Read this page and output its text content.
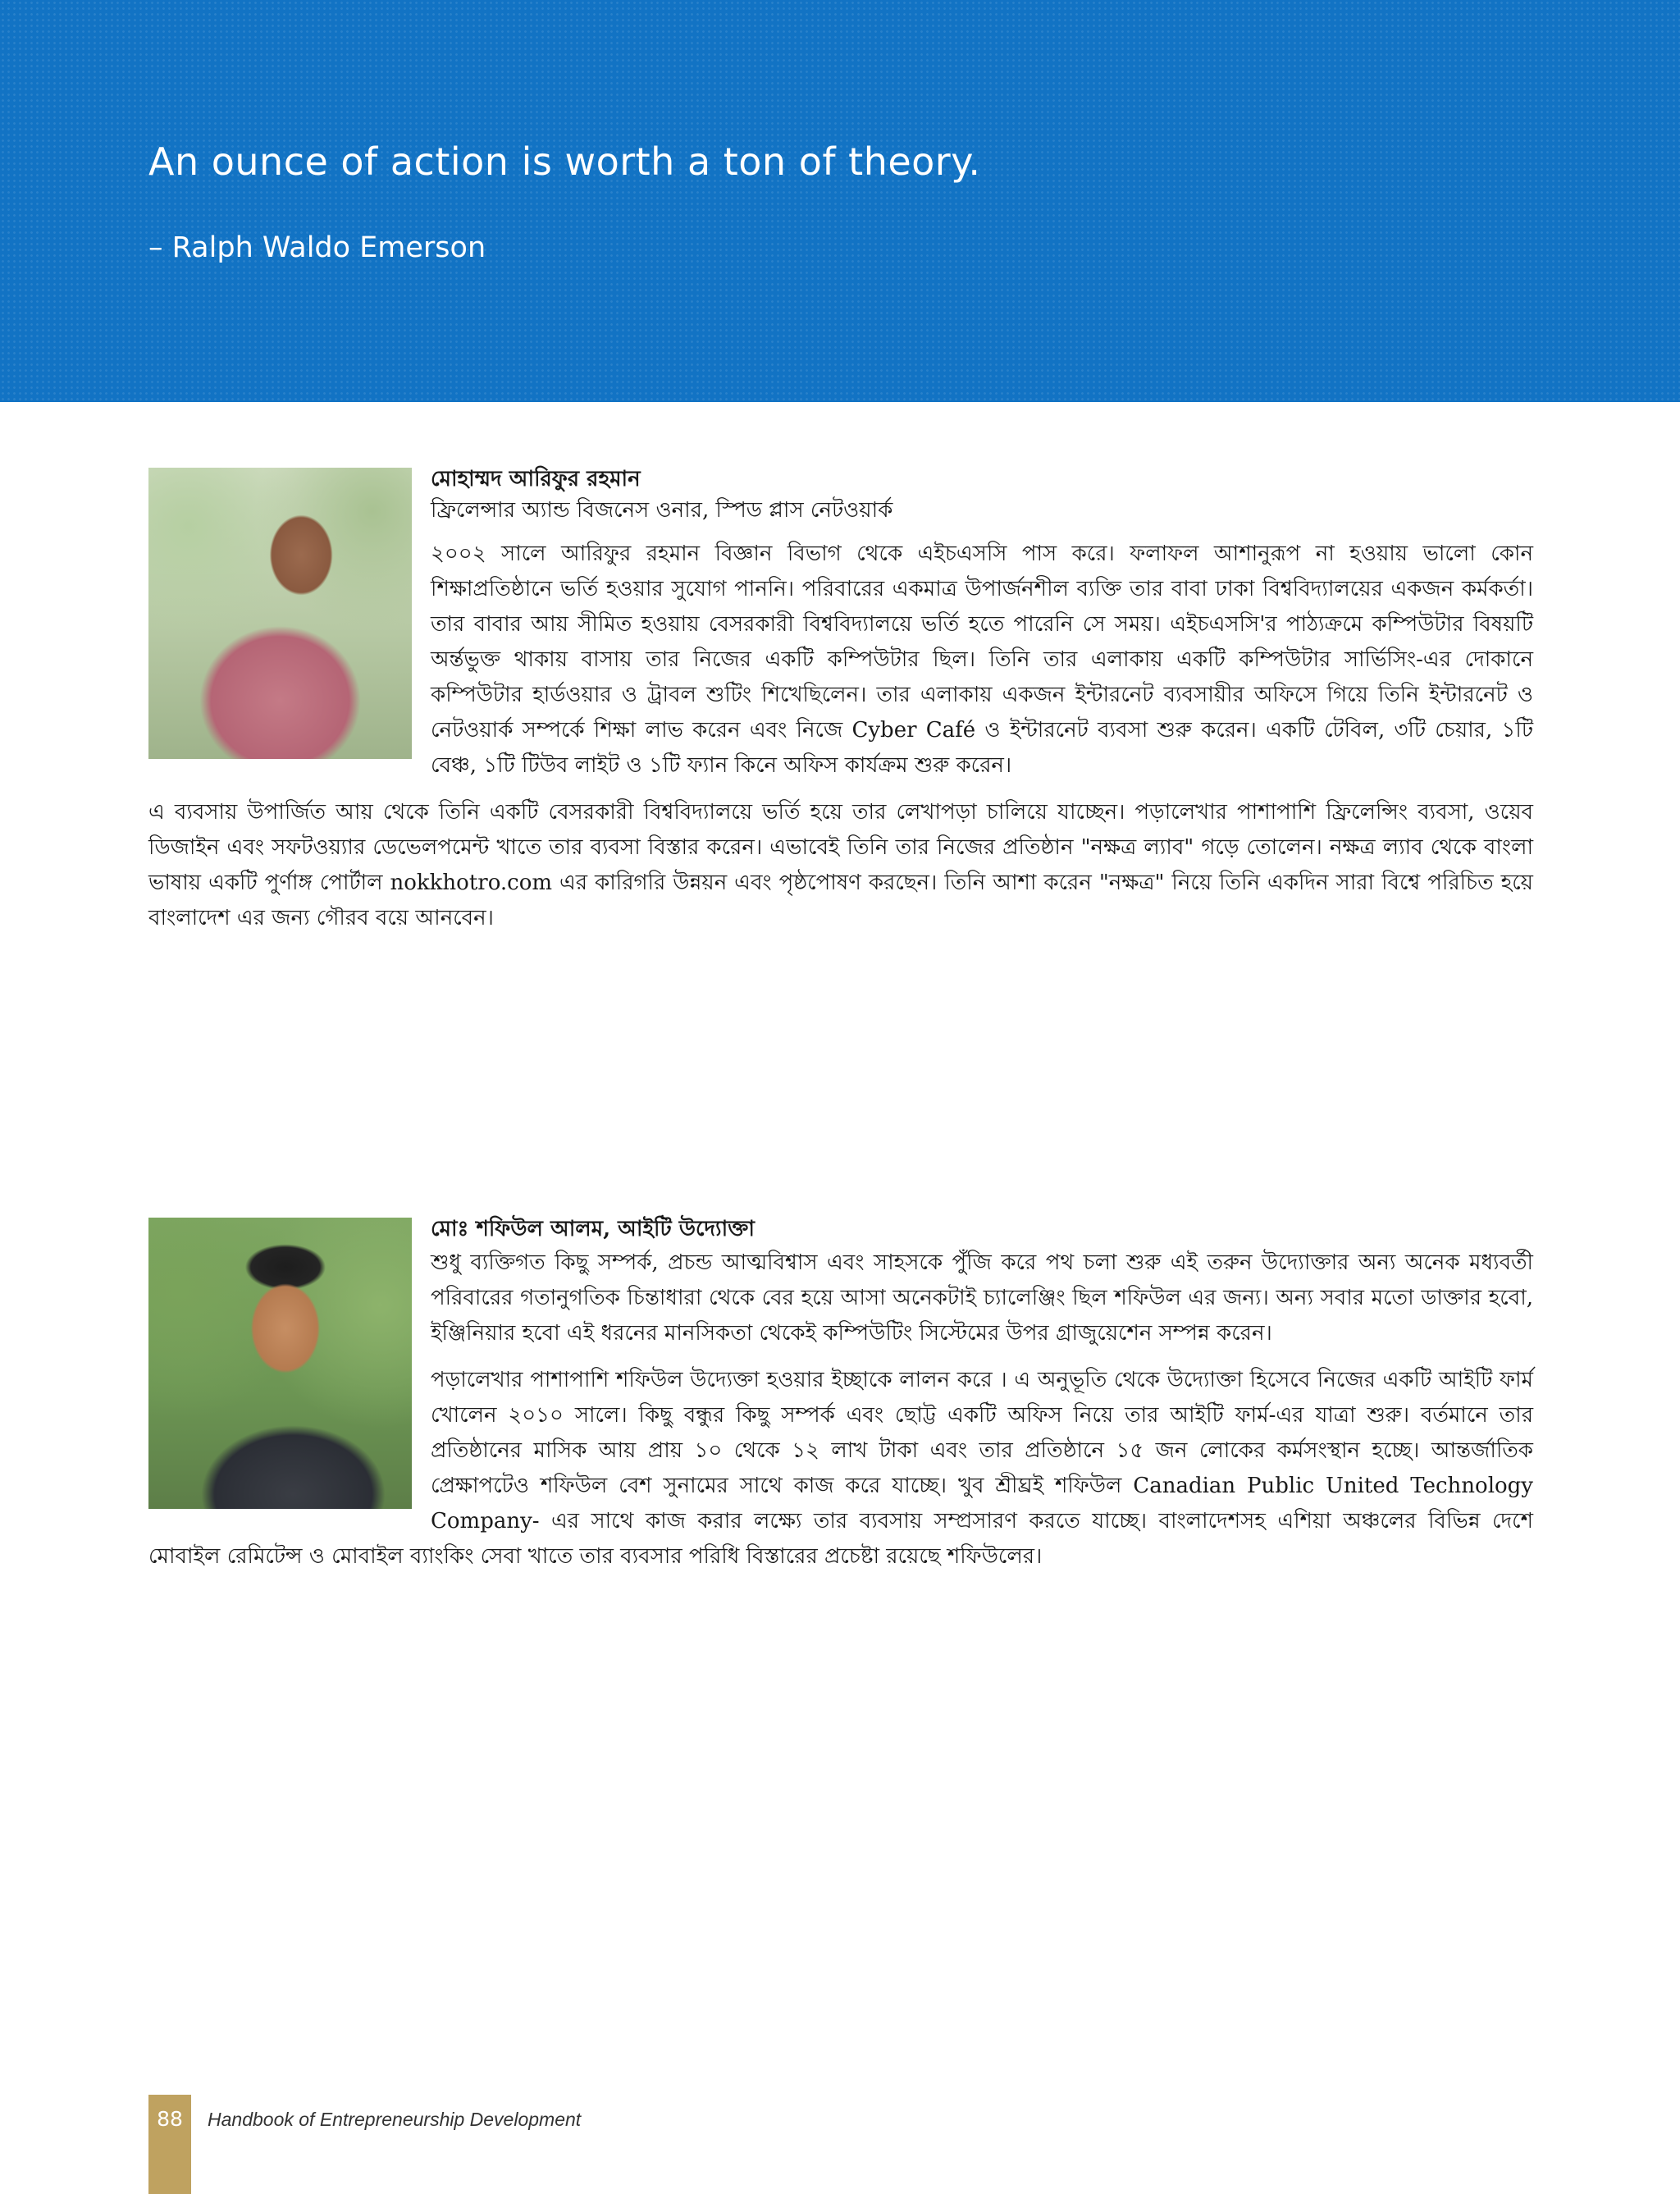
An ounce of action is worth a ton of theory.

– Ralph Waldo Emerson

মোহাম্মদ আরিফুর রহমান

ফ্রিলেন্সার অ্যান্ড বিজনেস ওনার, স্পিড প্লাস নেটওয়ার্ক

২০০২ সালে আরিফুর রহমান বিজ্ঞান বিভাগ থেকে এইচএসসি পাস করে। ফলাফল আশানুরূপ না হওয়ায় ভালো কোন শিক্ষাপ্রতিষ্ঠানে ভর্তি হওয়ার সুযোগ পাননি। পরিবারের একমাত্র উপার্জনশীল ব্যক্তি তার বাবা ঢাকা বিশ্ববিদ্যালয়ের একজন কর্মকর্তা। তার বাবার আয় সীমিত হওয়ায় বেসরকারী বিশ্ববিদ্যালয়ে ভর্তি হতে পারেনি সে সময়। এইচএসসি'র পাঠ্যক্রমে কম্পিউটার বিষয়টি অর্ন্তভুক্ত থাকায় বাসায় তার নিজের একটি কম্পিউটার ছিল। তিনি তার এলাকায় একটি কম্পিউটার সার্ভিসিং-এর দোকানে কম্পিউটার হার্ডওয়ার ও ট্রাবল শুটিং শিখেছিলেন। তার এলাকায় একজন ইন্টারনেট ব্যবসায়ীর অফিসে গিয়ে তিনি ইন্টারনেট ও নেটওয়ার্ক সম্পর্কে শিক্ষা লাভ করেন এবং নিজে Cyber Café ও ইন্টারনেট ব্যবসা শুরু করেন। একটি টেবিল, ৩টি চেয়ার, ১টি বেঞ্চ, ১টি টিউব লাইট ও ১টি ফ্যান কিনে অফিস কার্যক্রম শুরু করেন।

এ ব্যবসায় উপার্জিত আয় থেকে তিনি একটি বেসরকারী বিশ্ববিদ্যালয়ে ভর্তি হয়ে তার লেখাপড়া চালিয়ে যাচ্ছেন। পড়ালেখার পাশাপাশি ফ্রিলেন্সিং ব্যবসা, ওয়েব ডিজাইন এবং সফটওয়্যার ডেভেলপমেন্ট খাতে তার ব্যবসা বিস্তার করেন। এভাবেই তিনি তার নিজের প্রতিষ্ঠান "নক্ষত্র ল্যাব" গড়ে তোলেন। নক্ষত্র ল্যাব থেকে বাংলা ভাষায় একটি পুর্ণাঙ্গ পোর্টাল nokkhotro.com এর কারিগরি উন্নয়ন এবং পৃষ্ঠপোষণ করছেন। তিনি আশা করেন "নক্ষত্র" নিয়ে তিনি একদিন সারা বিশ্বে পরিচিত হয়ে বাংলাদেশ এর জন্য গৌরব বয়ে আনবেন।

মোঃ শফিউল আলম, আইটি উদ্যোক্তা

শুধু ব্যক্তিগত কিছু সম্পর্ক, প্রচন্ড আত্মবিশ্বাস এবং সাহসকে পুঁজি করে পথ চলা শুরু এই তরুন উদ্যোক্তার অন্য অনেক মধ্যবর্তী পরিবারের গতানুগতিক চিন্তাধারা থেকে বের হয়ে আসা অনেকটাই চ্যালেঞ্জিং ছিল শফিউল এর জন্য। অন্য সবার মতো ডাক্তার হবো, ইঞ্জিনিয়ার হবো এই ধরনের মানসিকতা থেকেই কম্পিউটিং সিস্টেমের উপর গ্রাজুয়েশেন সম্পন্ন করেন।

পড়ালেখার পাশাপাশি শফিউল উদ্যেক্তা হওয়ার ইচ্ছাকে লালন করে । এ অনুভূতি থেকে উদ্যোক্তা হিসেবে নিজের একটি আইটি ফার্ম খোলেন ২০১০ সালে। কিছু বন্ধুর কিছু সম্পর্ক এবং ছোট্ট একটি অফিস নিয়ে তার আইটি ফার্ম-এর যাত্রা শুরু। বর্তমানে তার প্রতিষ্ঠানের মাসিক আয় প্রায় ১০ থেকে ১২ লাখ টাকা এবং তার প্রতিষ্ঠানে ১৫ জন লোকের কর্মসংস্থান হচ্ছে। আন্তর্জাতিক প্রেক্ষাপটেও শফিউল বেশ সুনামের সাথে কাজ করে যাচ্ছে। খুব শ্রীঘ্রই শফিউল Canadian Public United Technology Company- এর সাথে কাজ করার লক্ষ্যে তার ব্যবসায় সম্প্রসারণ করতে যাচ্ছে। বাংলাদেশসহ এশিয়া অঞ্চলের বিভিন্ন দেশে মোবাইল রেমিটেন্স ও মোবাইল ব্যাংকিং সেবা খাতে তার ব্যবসার পরিধি বিস্তারের প্রচেষ্টা রয়েছে শফিউলের।

88	Handbook of Entrepreneurship Development
